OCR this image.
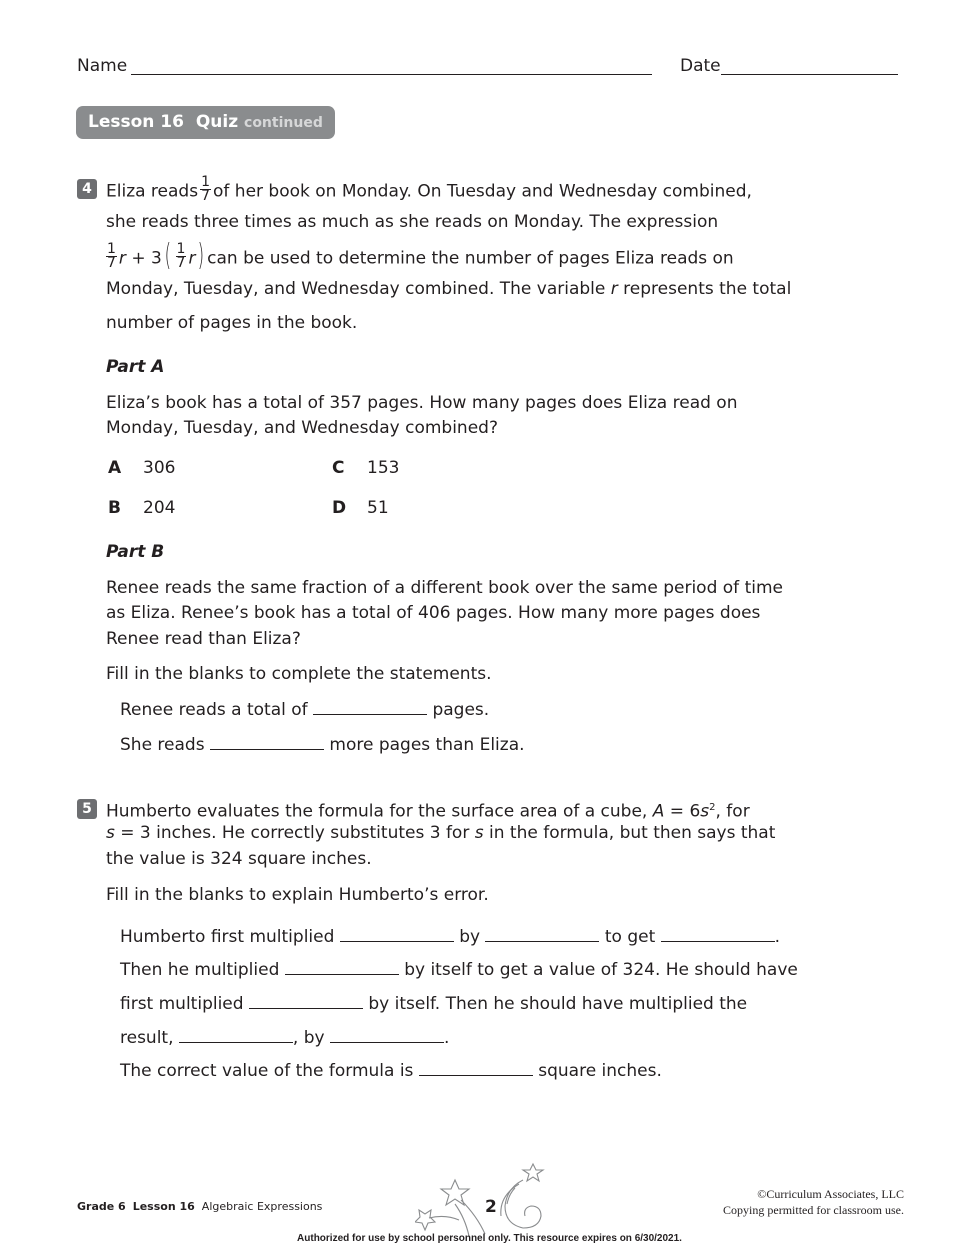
Name	Date
Lesson 16 Quiz continued
4 Eliza reads $\frac{1}{7}$ of her book on Monday. On Tuesday and Wednesday combined,
she reads three times as much as she reads on Monday. The expression
$\frac{1}{7}$ $r + 3( \frac{1}{7} r)$ can be used to determine the number of pages Eliza reads on
Monday, Tuesday, and Wednesday combined. The variable r represents the total
number of pages in the book.
Part A
Eliza’s book has a total of 357 pages. How many pages does Eliza read on
Monday, Tuesday, and Wednesday combined?
A 306
B 204
C 153
D 51
Part B
Renee reads the same fraction of a different book over the same period of time
as Eliza. Renee’s book has a total of 406 pages. How many more pages does
Renee read than Eliza?
Fill in the blanks to complete the statements.
Renee reads a total of	pages.
She reads	more pages than Eliza.
5 Humberto evaluates the formula for the surface area of a cube, $A = 6s^2$, for
s = 3 inches. He correctly substitutes 3 for s in the formula, but then says that
the value is 324 square inches.
Fill in the blanks to explain Humberto’s error.
Humberto first multiplied	by	to get	.
Then he multiplied	by itself to get a value of 324. He should have
first multiplied	by itself. Then he should have multiplied the
result,	, by	.
The correct value of the formula is	square inches.
Grade 6 Lesson 16 Algebraic Expressions	2
©Curriculum Associates, LLC
Copying permitted for classroom use.
Authorized for use by school personnel only. This resource expires on 6/30/2021.
